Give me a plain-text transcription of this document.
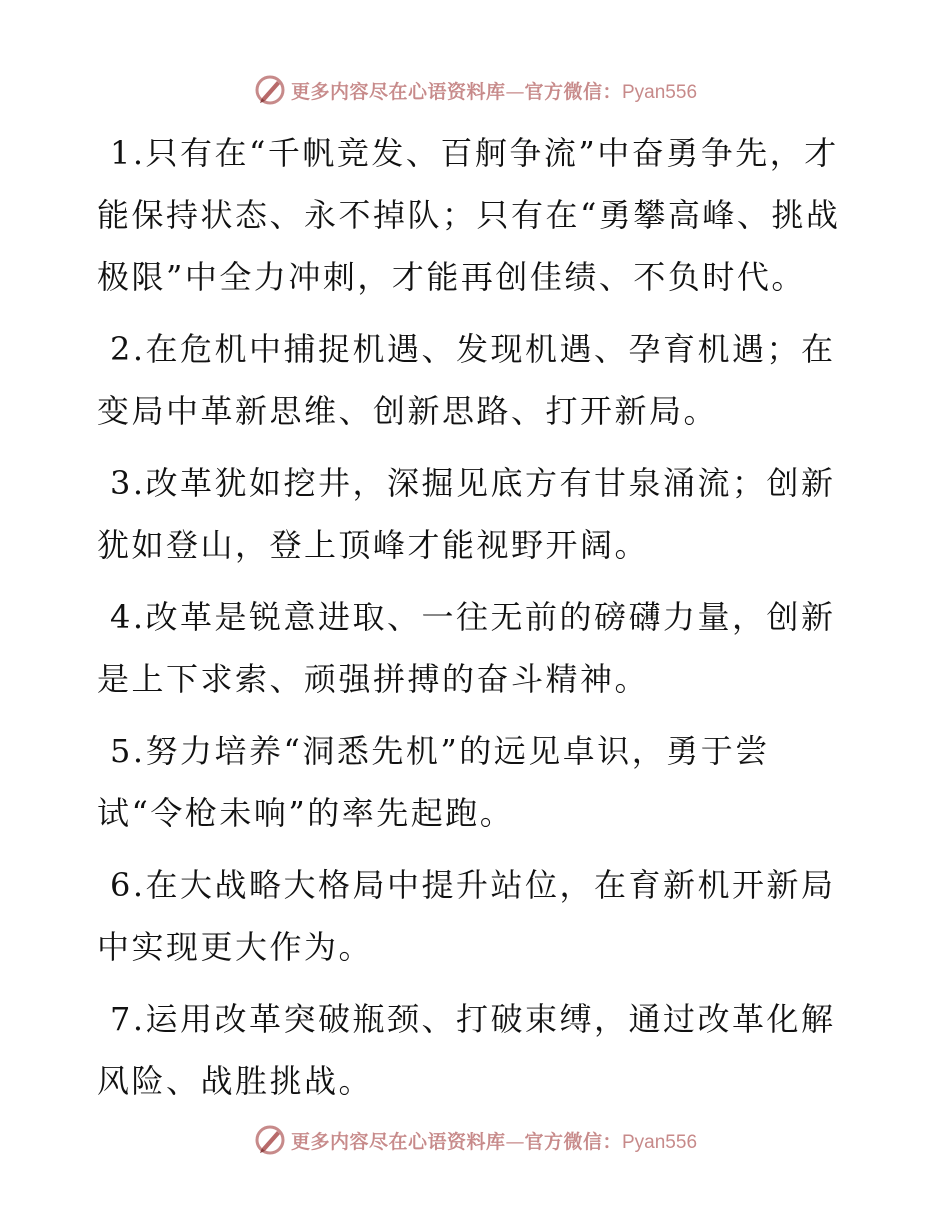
更多内容尽在心语资料库 — 官方微信： Pyan556

1.只有在“千帆竞发、百舸争流”中奋勇争先，才能保持状态、永不掉队；只有在“勇攀高峰、挑战极限”中全力冲刺，才能再创佳绩、不负时代。

2.在危机中捕捉机遇、发现机遇、孕育机遇；在变局中革新思维、创新思路、打开新局。

3.改革犹如挖井，深掘见底方有甘泉涌流；创新犹如登山，登上顶峰才能视野开阔。

4.改革是锐意进取、一往无前的磅礴力量，创新是上下求索、顽强拼搏的奋斗精神。

5.努力培养“洞悉先机”的远见卓识，勇于尝试“令枪未响”的率先起跑。

6.在大战略大格局中提升站位，在育新机开新局中实现更大作为。

7.运用改革突破瓶颈、打破束缚，通过改革化解风险、战胜挑战。

更多内容尽在心语资料库 — 官方微信： Pyan556
